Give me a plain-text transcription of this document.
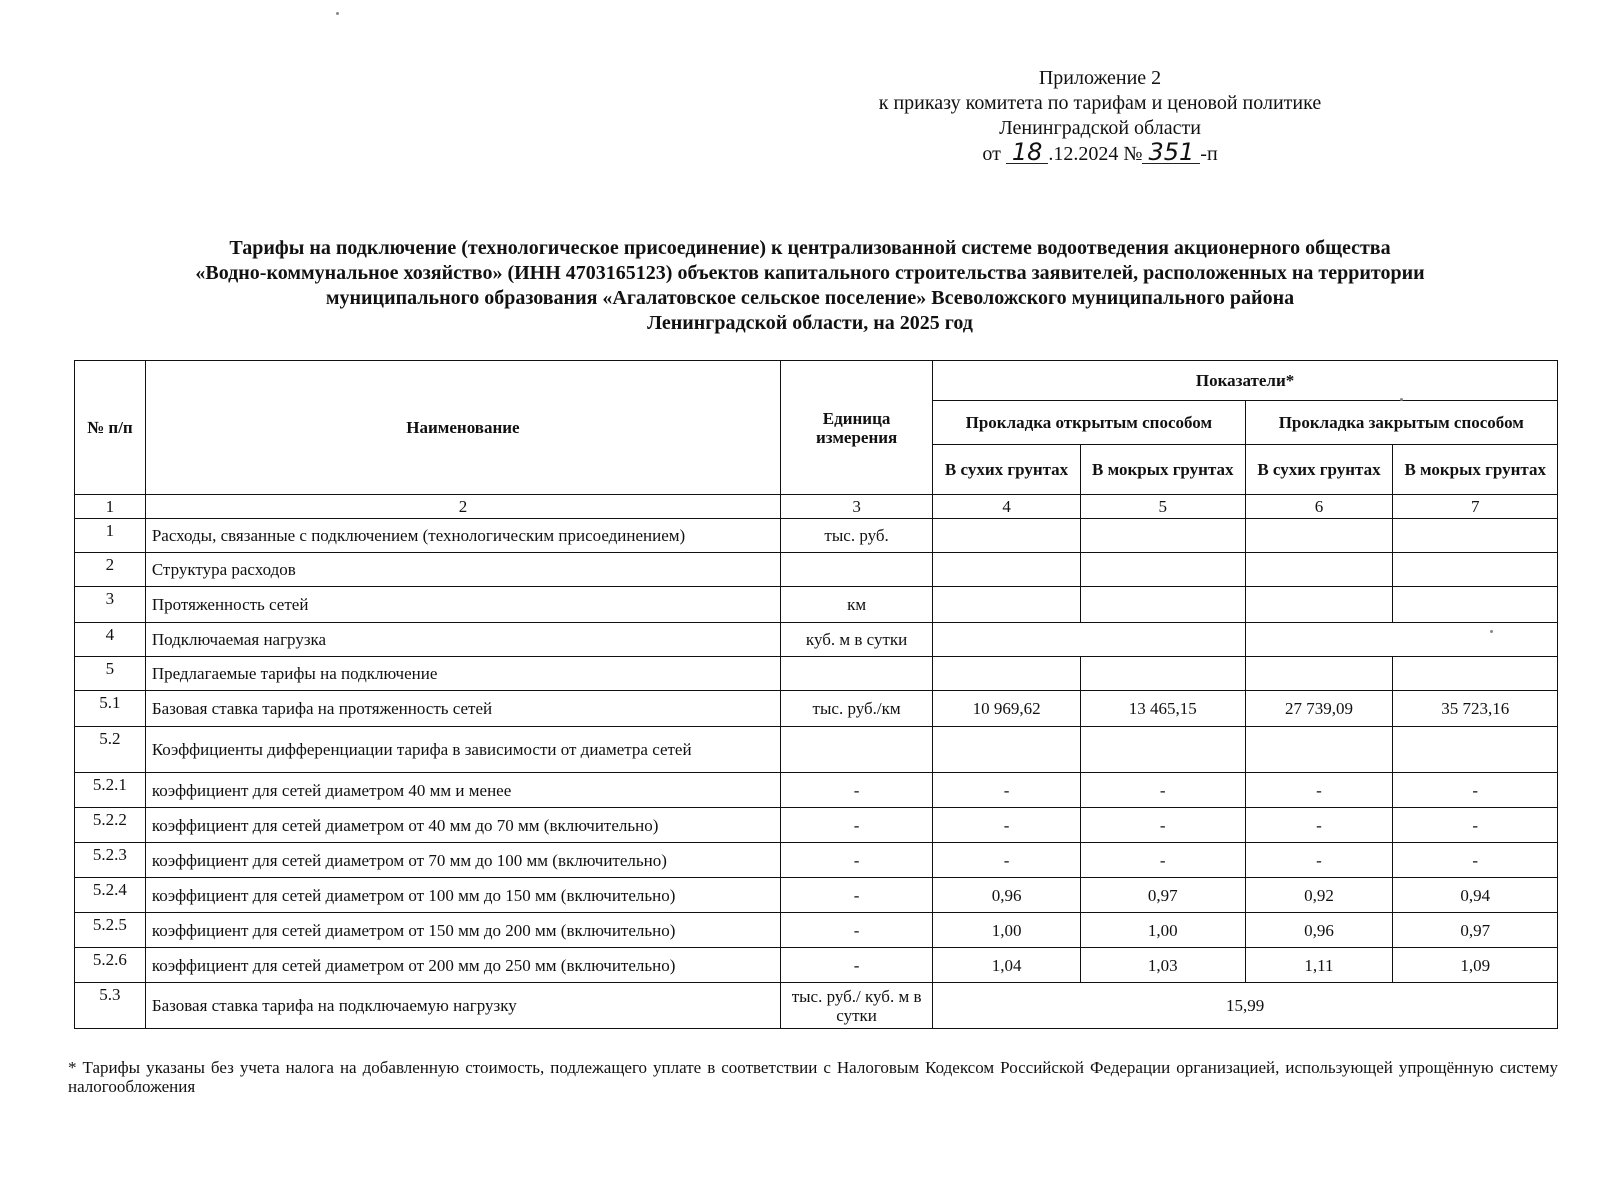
Приложение 2
к приказу комитета по тарифам и ценовой политике
Ленинградской области
от 18 .12.2024 № 351 -п
Тарифы на подключение (технологическое присоединение) к централизованной системе водоотведения акционерного общества
«Водно-коммунальное хозяйство» (ИНН 4703165123) объектов капитального строительства заявителей, расположенных на территории
муниципального образования «Агалатовское сельское поселение» Всеволожского муниципального района
Ленинградской области, на 2025 год
№ п/п	Наименование	Единица измерения	Показатели*			
			Прокладка открытым способом		Прокладка закрытым способом	
			В сухих грунтах	В мокрых грунтах	В сухих грунтах	В мокрых грунтах
1	2	3	4	5	6	7
1	Расходы, связанные с подключением (технологическим присоединением)	тыс. руб.				
2	Структура расходов					
3	Протяженность сетей	км				
4	Подключаемая нагрузка	куб. м в сутки				
5	Предлагаемые тарифы на подключение					
5.1	Базовая ставка тарифа на протяженность сетей	тыс. руб./км	10 969,62	13 465,15	27 739,09	35 723,16
5.2	Коэффициенты дифференциации тарифа в зависимости от диаметра сетей					
5.2.1	коэффициент для сетей диаметром 40 мм и менее	-	-	-	-	-
5.2.2	коэффициент для сетей диаметром от 40 мм до 70 мм (включительно)	-	-	-	-	-
5.2.3	коэффициент для сетей диаметром от 70 мм до 100 мм (включительно)	-	-	-	-	-
5.2.4	коэффициент для сетей диаметром от 100 мм до 150 мм (включительно)	-	0,96	0,97	0,92	0,94
5.2.5	коэффициент для сетей диаметром от 150 мм до 200 мм (включительно)	-	1,00	1,00	0,96	0,97
5.2.6	коэффициент для сетей диаметром от 200 мм до 250 мм (включительно)	-	1,04	1,03	1,11	1,09
5.3	Базовая ставка тарифа на подключаемую нагрузку	тыс. руб./ куб. м в сутки	15,99			
* Тарифы указаны без учета налога на добавленную стоимость, подлежащего уплате в соответствии с Налоговым Кодексом Российской Федерации организацией, использующей упрощённую систему налогообложения
